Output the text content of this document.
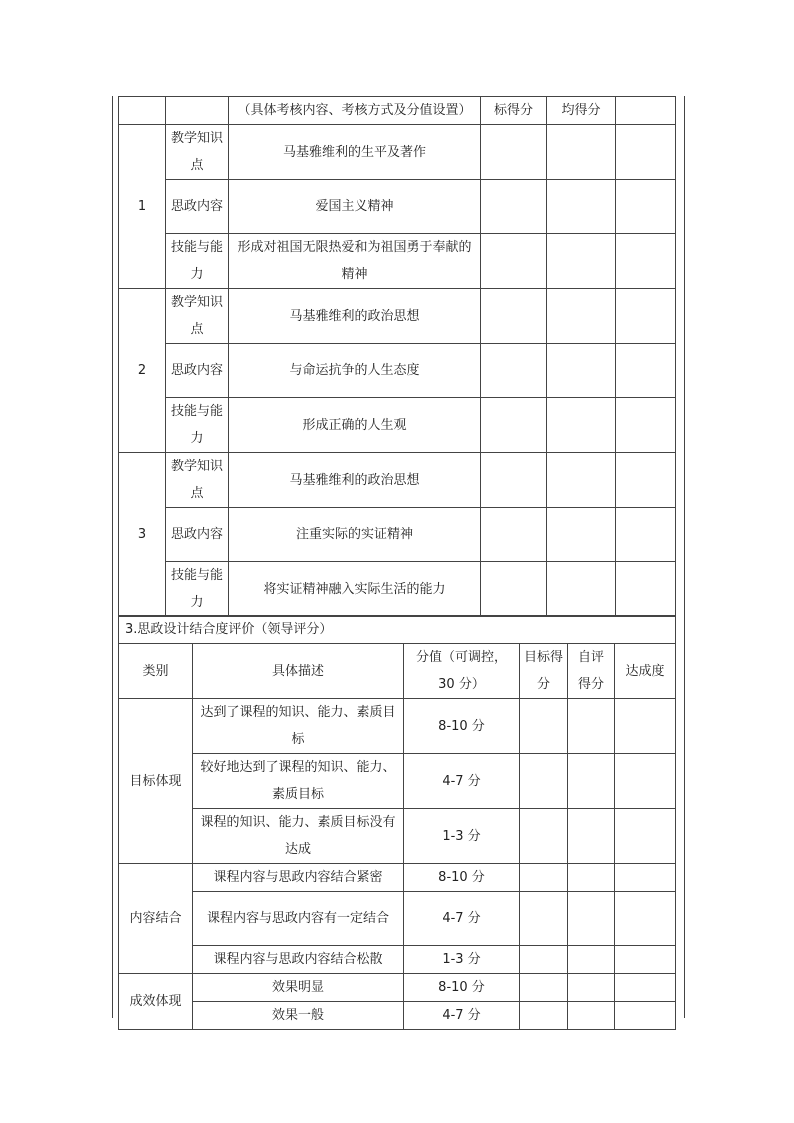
		（具体考核内容、考核方式及分值设置）	标得分	均得分	
1	教学知识点	马基雅维利的生平及著作			
	思政内容	爱国主义精神			
	技能与能力	形成对祖国无限热爱和为祖国勇于奉献的精神			
2	教学知识点	马基雅维利的政治思想			
	思政内容	与命运抗争的人生态度			
	技能与能力	形成正确的人生观			
3	教学知识点	马基雅维利的政治思想			
	思政内容	注重实际的实证精神			
	技能与能力	将实证精神融入实际生活的能力			
3.思政设计结合度评价（领导评分）					
类别	具体描述	分值（可调控，30 分）	目标得分	自评得分	达成度
目标体现	达到了课程的知识、能力、素质目标	8-10 分			
	较好地达到了课程的知识、能力、素质目标	4-7 分			
	课程的知识、能力、素质目标没有达成	1-3 分			
内容结合	课程内容与思政内容结合紧密	8-10 分			
	课程内容与思政内容有一定结合	4-7 分			
	课程内容与思政内容结合松散	1-3 分			
成效体现	效果明显	8-10 分			
	效果一般	4-7 分			
